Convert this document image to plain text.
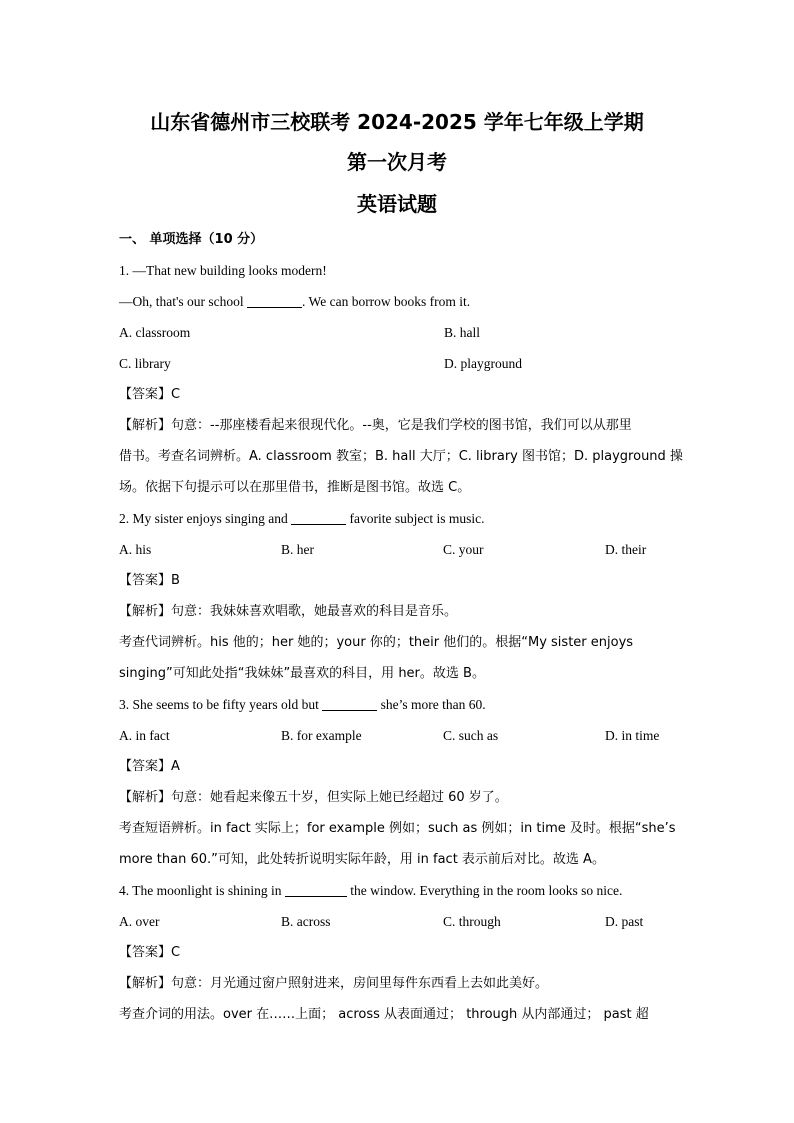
山东省德州市三校联考 2024-2025 学年七年级上学期
第一次月考
英语试题
一、 单项选择（10 分）
1. —That new building looks modern!
—Oh, that's our school	. We can borrow books from it.
A. classroom	B. hall
C. library	D. playground
【答案】C
【解析】句意：--那座楼看起来很现代化。--奥，它是我们学校的图书馆，我们可以从那里
借书。考查名词辨析。A. classroom 教室；B. hall 大厅；C. library 图书馆；D. playground 操
场。依据下句提示可以在那里借书，推断是图书馆。故选 C。
2. My sister enjoys singing and	favorite subject is music.
A. his	B. her	C. your	D. their
【答案】B
【解析】句意：我妹妹喜欢唱歌，她最喜欢的科目是音乐。
考查代词辨析。his 他的；her 她的；your 你的；their 他们的。根据“My sister enjoys
singing”可知此处指“我妹妹”最喜欢的科目，用 her。故选 B。
3. She seems to be fifty years old but	she’s more than 60.
A. in fact	B. for example	C. such as	D. in time
【答案】A
【解析】句意：她看起来像五十岁，但实际上她已经超过 60 岁了。
考查短语辨析。in fact 实际上；for example 例如；such as 例如；in time 及时。根据“she’s
more than 60.”可知，此处转折说明实际年龄，用 in fact 表示前后对比。故选 A。
4. The moonlight is shining in	the window. Everything in the room looks so nice.
A. over	B. across	C. through	D. past
【答案】C
【解析】句意：月光通过窗户照射进来，房间里每件东西看上去如此美好。
考查介词的用法。over 在……上面； across 从表面通过； through 从内部通过； past 超
